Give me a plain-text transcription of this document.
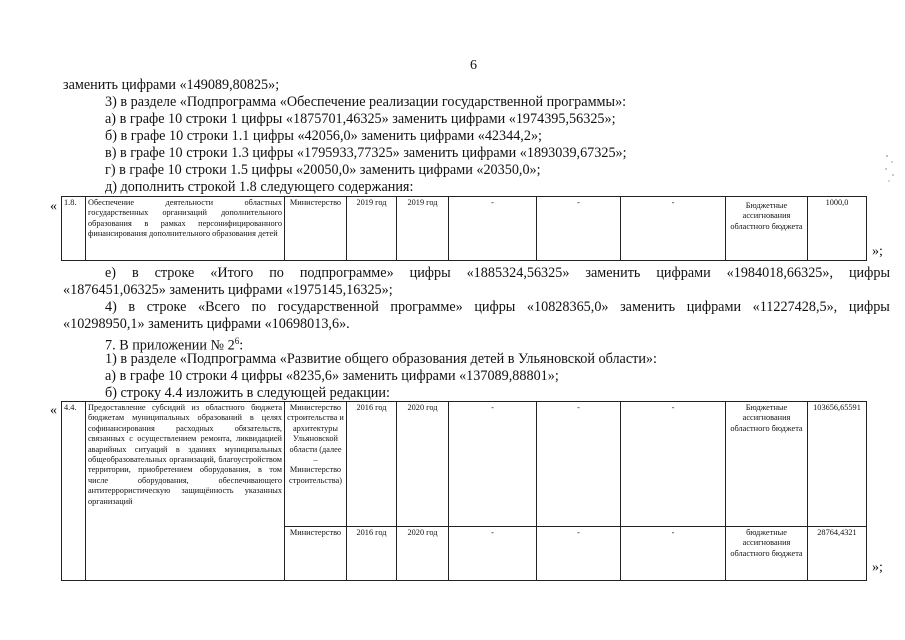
6
заменить цифрами «149089,80825»;
3) в разделе «Подпрограмма «Обеспечение реализации государственной программы»:
а) в графе 10 строки 1 цифры «1875701,46325» заменить цифрами «1974395,56325»;
б) в графе 10 строки 1.1 цифры «42056,0» заменить цифрами «42344,2»;
в) в графе 10 строки 1.3 цифры «1795933,77325» заменить цифрами «1893039,67325»;
г) в графе 10 строки 1.5 цифры «20050,0» заменить цифрами «20350,0»;
д) дополнить строкой 1.8 следующего содержания:
« 1.8.	Обеспечение деятельности областных государственных организаций дополнительного образования в рамках персонифицированного финансирования дополнительного образования детей	Министерство	2019 год	2019 год	-	-	-	Бюджетные ассигнования областного бюджета	1000,0
»;
е) в строке «Итого по подпрограмме» цифры «1885324,56325» заменить цифрами «1984018,66325», цифры
«1876451,06325» заменить цифрами «1975145,16325»;
4) в строке «Всего по государственной программе» цифры «10828365,0» заменить цифрами «11227428,5», цифры
«10298950,1» заменить цифрами «10698013,6».
7. В приложении № $2^6$:
1) в разделе «Подпрограмма «Развитие общего образования детей в Ульяновской области»:
а) в графе 10 строки 4 цифры «8235,6» заменить цифрами «137089,88801»;
б) строку 4.4 изложить в следующей редакции:
« 4.4.	Предоставление субсидий из областного бюджета бюджетам муниципальных образований в целях софинансирования расходных обязательств, связанных с осуществлением ремонта, ликвидацией аварийных ситуаций в зданиях муниципальных общеобразовательных организаций, благоустройством территории, приобретением оборудования, в том числе оборудования, обеспечивающего антитеррористическую защищённость указанных организаций	Министерство строительства и архитектуры Ульяновской области (далее – Министерство строительства)	2016 год	2020 год	-	-	-	Бюджетные ассигнования областного бюджета	103656,65591
		Министерство	2016 год	2020 год	-	-	-	бюджетные ассигнования областного бюджета	28764,4321
»;
